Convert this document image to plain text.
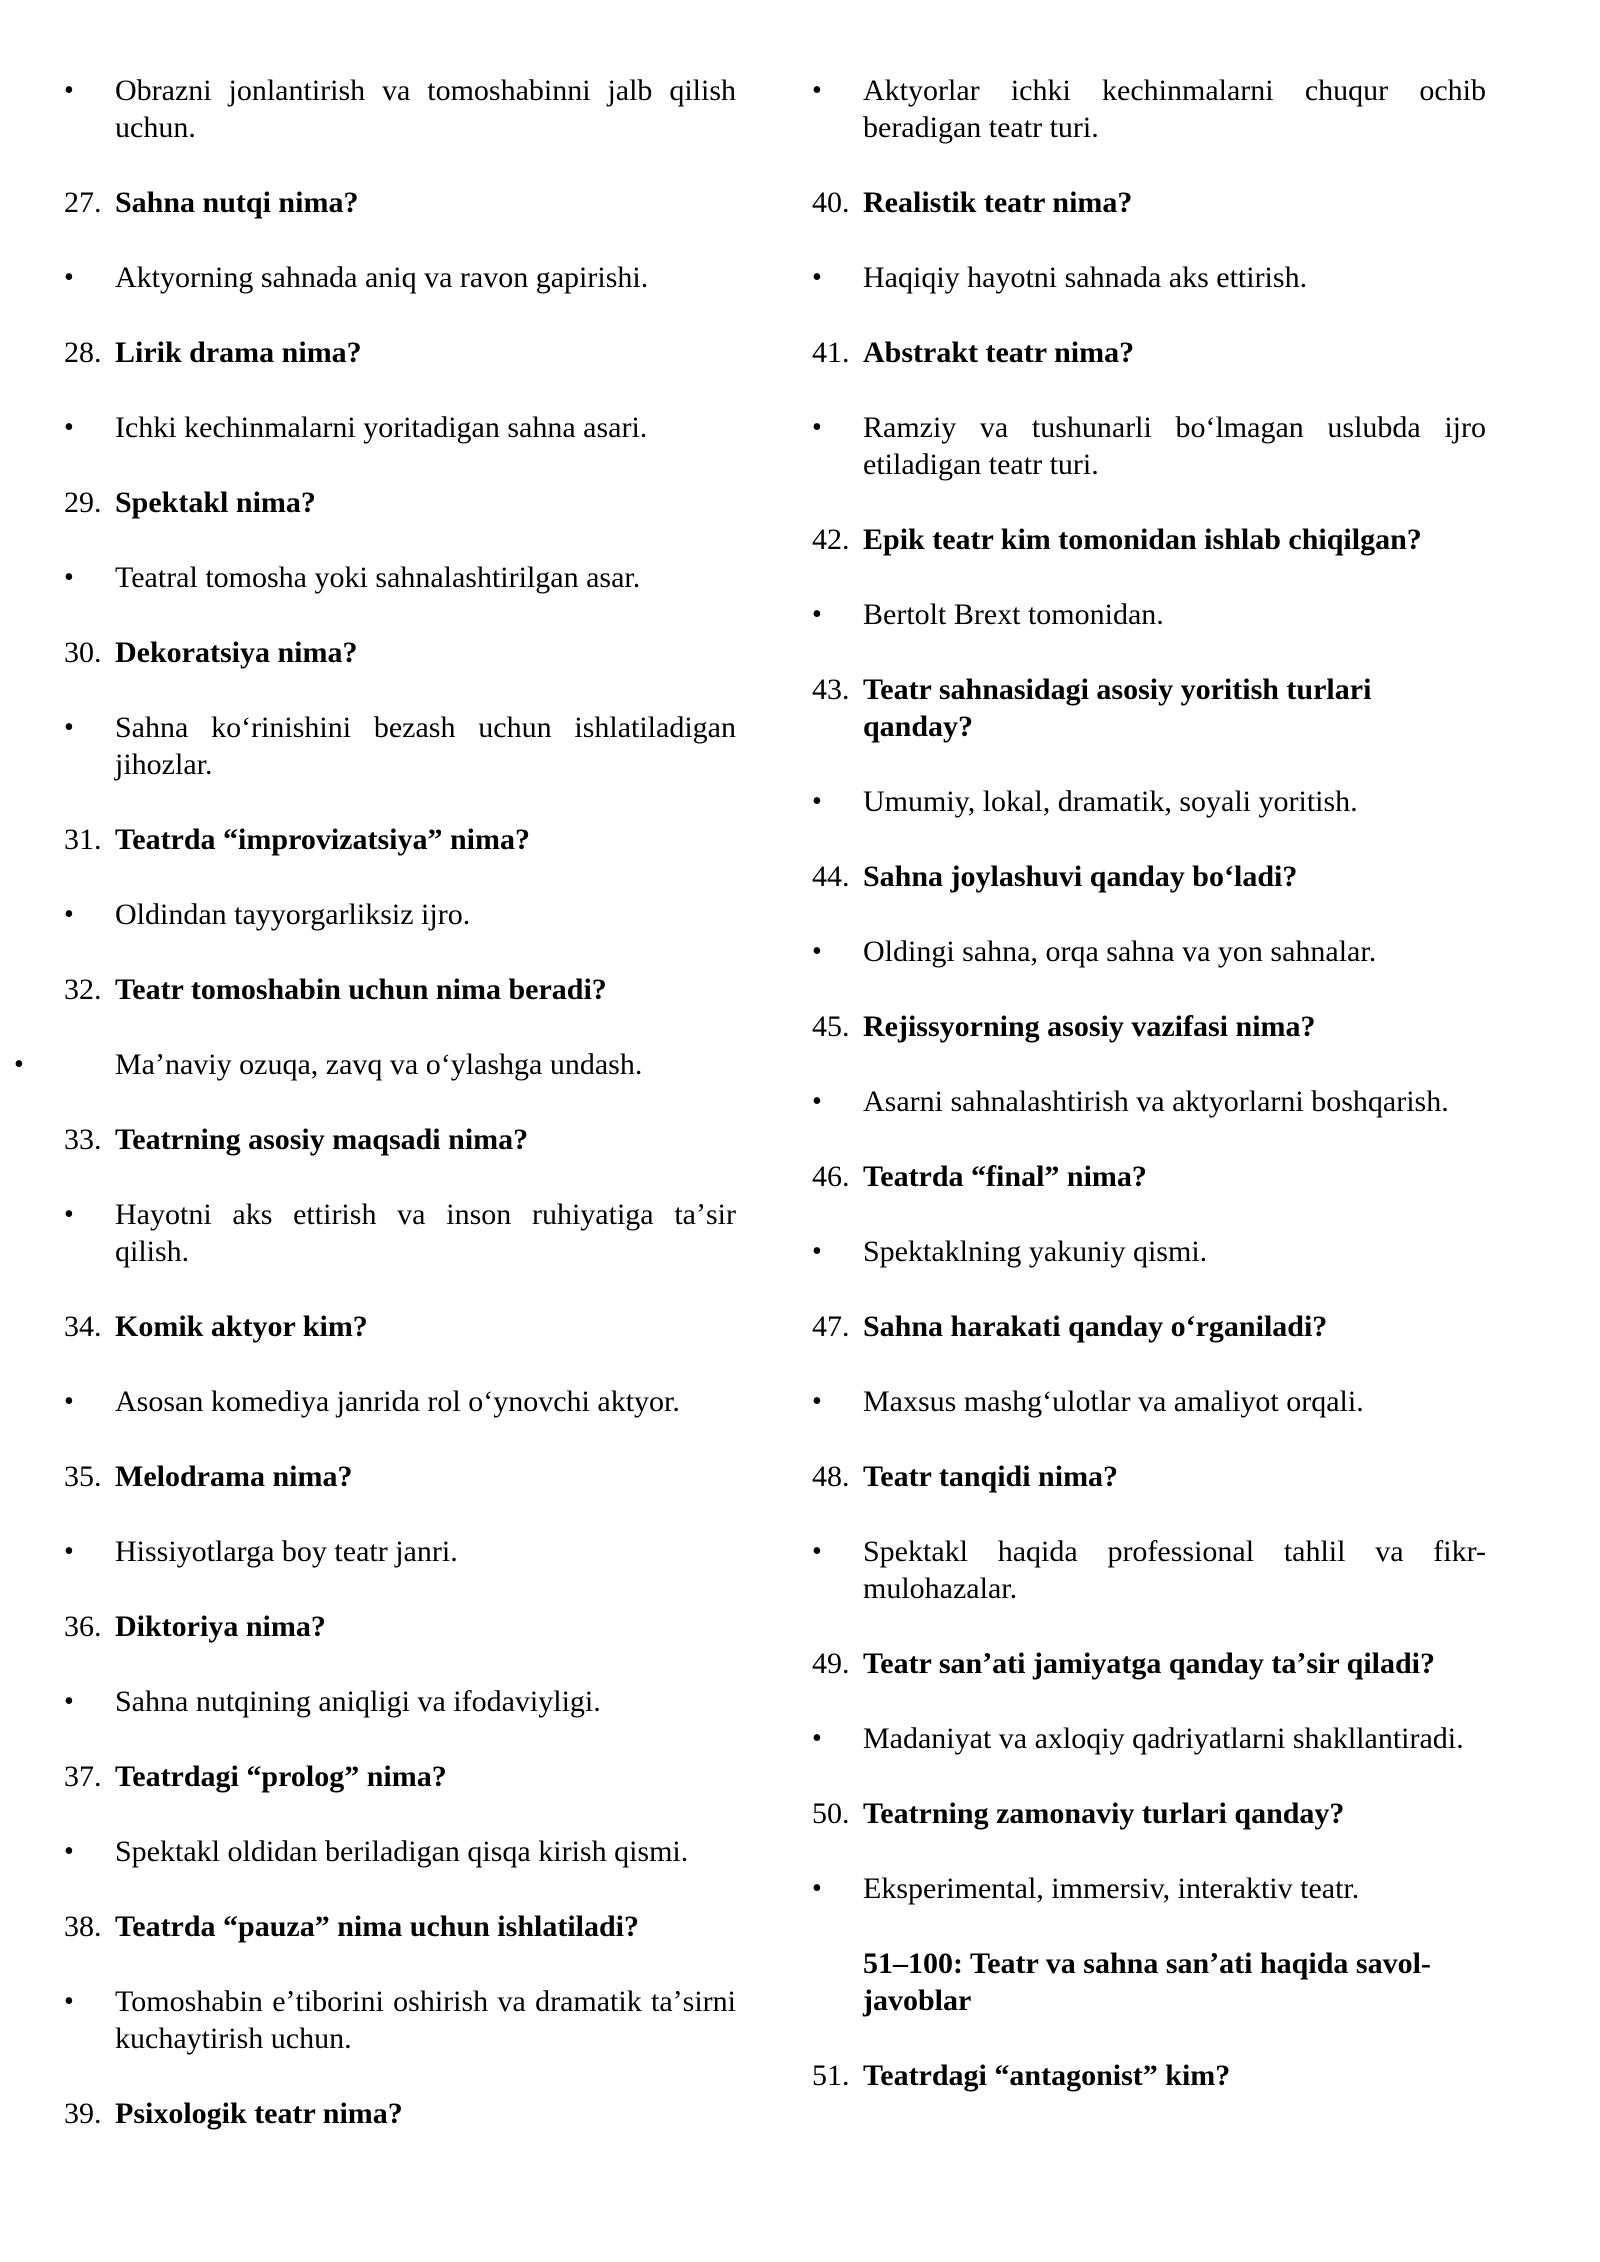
• Obrazni jonlantirish va tomoshabinni jalb qilish uchun.
27. Sahna nutqi nima?
• Aktyorning sahnada aniq va ravon gapirishi.
28. Lirik drama nima?
• Ichki kechinmalarni yoritadigan sahna asari.
29. Spektakl nima?
• Teatral tomosha yoki sahnalashtirilgan asar.
30. Dekoratsiya nima?
• Sahna koʻrinishini bezash uchun ishlatiladigan jihozlar.
31. Teatrda “improvizatsiya” nima?
• Oldindan tayyorgarliksiz ijro.
32. Teatr tomoshabin uchun nima beradi?
•	Maʼnaviy ozuqa, zavq va oʻylashga undash.
33. Teatrning asosiy maqsadi nima?
• Hayotni aks ettirish va inson ruhiyatiga taʼsir qilish.
34. Komik aktyor kim?
• Asosan komediya janrida rol oʻynovchi aktyor.
35. Melodrama nima?
• Hissiyotlarga boy teatr janri.
36. Diktoriya nima?
• Sahna nutqining aniqligi va ifodaviyligi.
37. Teatrdagi “prolog” nima?
• Spektakl oldidan beriladigan qisqa kirish qismi.
38. Teatrda “pauza” nima uchun ishlatiladi?
• Tomoshabin eʼtiborini oshirish va dramatik taʼsirni kuchaytirish uchun.
39. Psixologik teatr nima?
• Aktyorlar ichki kechinmalarni chuqur ochib beradigan teatr turi.
40. Realistik teatr nima?
• Haqiqiy hayotni sahnada aks ettirish.
41. Abstrakt teatr nima?
• Ramziy va tushunarli boʻlmagan uslubda ijro etiladigan teatr turi.
42. Epik teatr kim tomonidan ishlab chiqilgan?
• Bertolt Brext tomonidan.
43. Teatr sahnasidagi asosiy yoritish turlari qanday?
• Umumiy, lokal, dramatik, soyali yoritish.
44. Sahna joylashuvi qanday boʻladi?
• Oldingi sahna, orqa sahna va yon sahnalar.
45. Rejissyorning asosiy vazifasi nima?
• Asarni sahnalashtirish va aktyorlarni boshqarish.
46. Teatrda “final” nima?
• Spektaklning yakuniy qismi.
47. Sahna harakati qanday oʻrganiladi?
• Maxsus mashgʻulotlar va amaliyot orqali.
48. Teatr tanqidi nima?
• Spektakl haqida professional tahlil va fikr-mulohazalar.
49. Teatr sanʼati jamiyatga qanday taʼsir qiladi?
• Madaniyat va axloqiy qadriyatlarni shakllantiradi.
50. Teatrning zamonaviy turlari qanday?
• Eksperimental, immersiv, interaktiv teatr.
51–100: Teatr va sahna sanʼati haqida savol-javoblar
51. Teatrdagi “antagonist” kim?
